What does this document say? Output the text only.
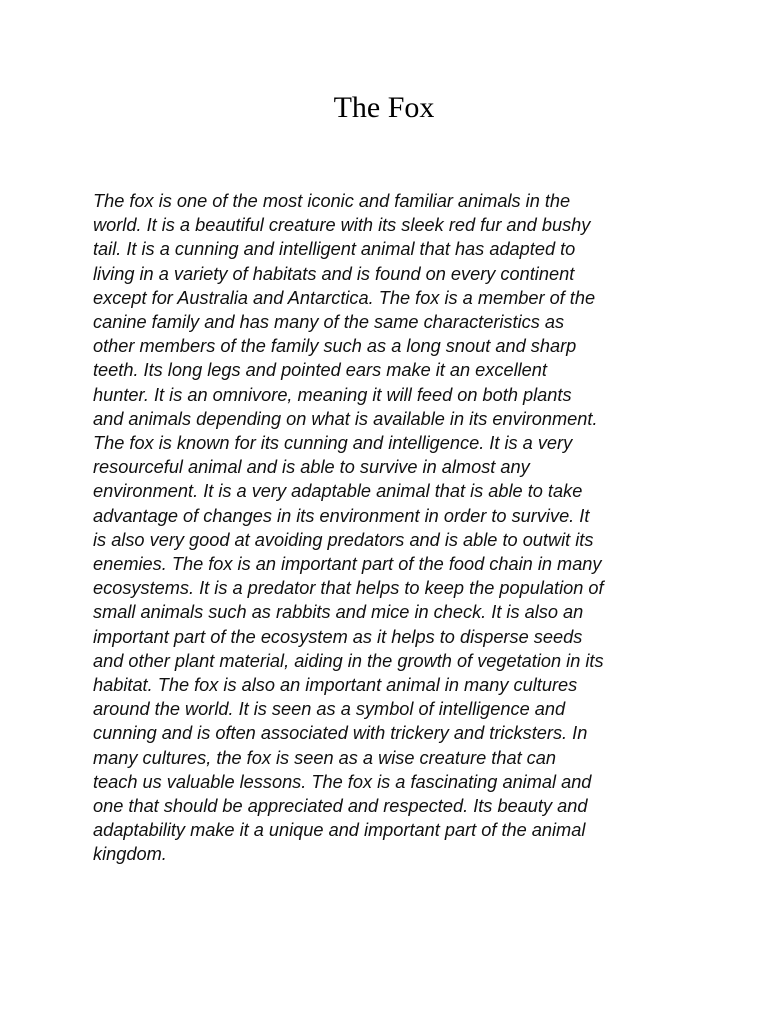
The Fox

The fox is one of the most iconic and familiar animals in the
world. It is a beautiful creature with its sleek red fur and bushy
tail. It is a cunning and intelligent animal that has adapted to
living in a variety of habitats and is found on every continent
except for Australia and Antarctica. The fox is a member of the
canine family and has many of the same characteristics as
other members of the family such as a long snout and sharp
teeth. Its long legs and pointed ears make it an excellent
hunter. It is an omnivore, meaning it will feed on both plants
and animals depending on what is available in its environment.
The fox is known for its cunning and intelligence. It is a very
resourceful animal and is able to survive in almost any
environment. It is a very adaptable animal that is able to take
advantage of changes in its environment in order to survive. It
is also very good at avoiding predators and is able to outwit its
enemies. The fox is an important part of the food chain in many
ecosystems. It is a predator that helps to keep the population of
small animals such as rabbits and mice in check. It is also an
important part of the ecosystem as it helps to disperse seeds
and other plant material, aiding in the growth of vegetation in its
habitat. The fox is also an important animal in many cultures
around the world. It is seen as a symbol of intelligence and
cunning and is often associated with trickery and tricksters. In
many cultures, the fox is seen as a wise creature that can
teach us valuable lessons. The fox is a fascinating animal and
one that should be appreciated and respected. Its beauty and
adaptability make it a unique and important part of the animal
kingdom.
